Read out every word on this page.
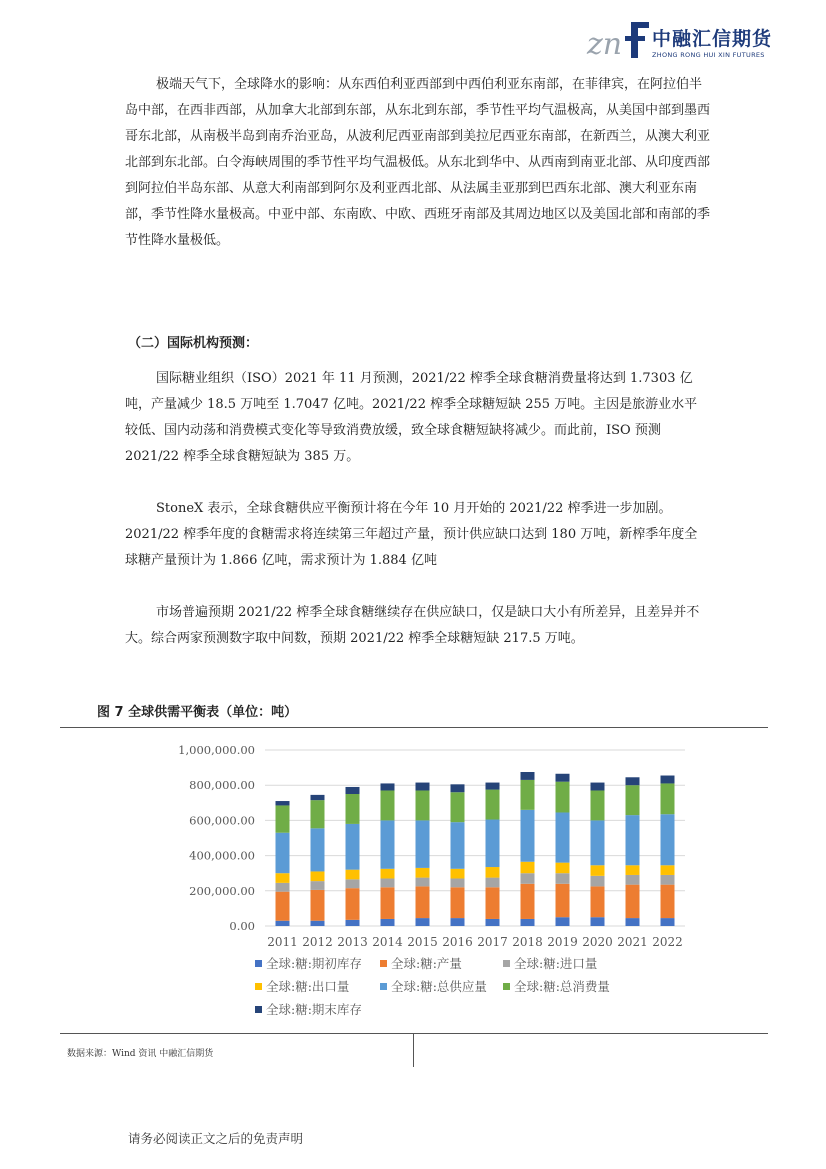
zn 中融汇信期货
ZHONG RONG HUI XIN FUTURES
极端天气下，全球降水的影响：从东西伯利亚西部到中西伯利亚东南部，在菲律宾，在阿拉伯半岛中部，在西非西部，从加拿大北部到东部，从东北到东部，季节性平均气温极高，从美国中部到墨西哥东北部，从南极半岛到南乔治亚岛，从波利尼西亚南部到美拉尼西亚东南部，在新西兰，从澳大利亚北部到东北部。白令海峡周围的季节性平均气温极低。从东北到华中、从西南到南亚北部、从印度西部到阿拉伯半岛东部、从意大利南部到阿尔及利亚西北部、从法属圭亚那到巴西东北部、澳大利亚东南部，季节性降水量极高。中亚中部、东南欧、中欧、西班牙南部及其周边地区以及美国北部和南部的季节性降水量极低。
（二）国际机构预测：
国际糖业组织（ISO）2021 年 11 月预测，2021/22 榨季全球食糖消费量将达到 1.7303 亿吨，产量减少 18.5 万吨至 1.7047 亿吨。2021/22 榨季全球糖短缺 255 万吨。主因是旅游业水平较低、国内动荡和消费模式变化等导致消费放缓，致全球食糖短缺将减少。而此前，ISO 预测 2021/22 榨季全球食糖短缺为 385 万。
StoneX 表示，全球食糖供应平衡预计将在今年 10 月开始的 2021/22 榨季进一步加剧。2021/22 榨季年度的食糖需求将连续第三年超过产量，预计供应缺口达到 180 万吨，新榨季年度全球糖产量预计为 1.866 亿吨，需求预计为 1.884 亿吨
市场普遍预期 2021/22 榨季全球食糖继续存在供应缺口，仅是缺口大小有所差异，且差异并不大。综合两家预测数字取中间数，预期 2021/22 榨季全球糖短缺 217.5 万吨。
图 7 全球供需平衡表（单位：吨）
0.00
200,000.00
400,000.00
600,000.00
800,000.00
1,000,000.00
2011 2012 2013 2014 2015 2016 2017 2018 2019 2020 2021 2022
全球:糖:期初库存 全球:糖:产量	全球:糖:进口量
全球:糖:出口量	全球:糖:总供应量 全球:糖:总消费量
全球:糖:期末库存
数据来源：Wind 资讯 中融汇信期货
请务必阅读正文之后的免责声明
